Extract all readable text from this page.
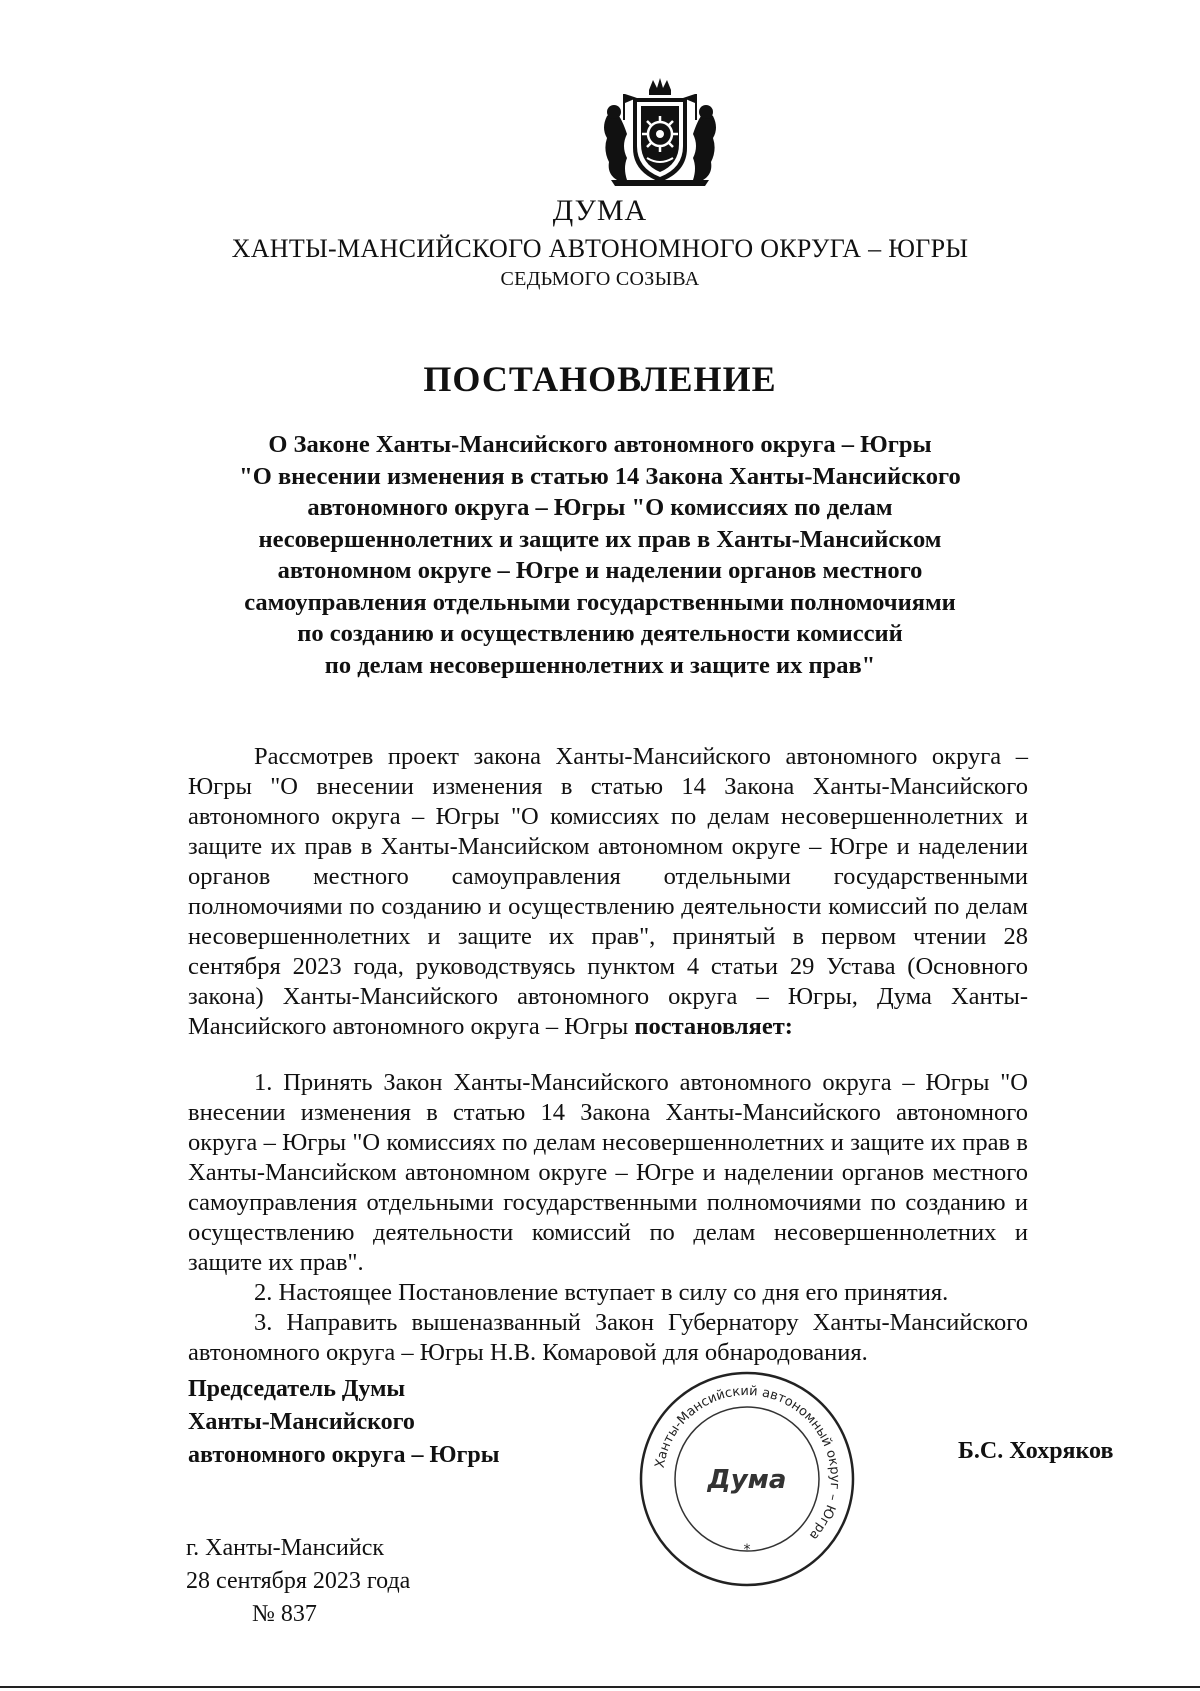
ДУМА
ХАНТЫ-МАНСИЙСКОГО АВТОНОМНОГО ОКРУГА – ЮГРЫ
СЕДЬМОГО СОЗЫВА
ПОСТАНОВЛЕНИЕ
О Законе Ханты-Мансийского автономного округа – Югры
"О внесении изменения в статью 14 Закона Ханты-Мансийского
автономного округа – Югры "О комиссиях по делам
несовершеннолетних и защите их прав в Ханты-Мансийском
автономном округе – Югре и наделении органов местного
самоуправления отдельными государственными полномочиями
по созданию и осуществлению деятельности комиссий
по делам несовершеннолетних и защите их прав"

Рассмотрев проект закона Ханты-Мансийского автономного округа – Югры "О внесении изменения в статью 14 Закона Ханты-Мансийского автономного округа – Югры "О комиссиях по делам несовершеннолетних и защите их прав в Ханты-Мансийском автономном округе – Югре и наделении органов местного самоуправления отдельными государственными полномочиями по созданию и осуществлению деятельности комиссий по делам несовершеннолетних и защите их прав", принятый в первом чтении 28 сентября 2023 года, руководствуясь пунктом 4 статьи 29 Устава (Основного закона) Ханты-Мансийского автономного округа – Югры, Дума Ханты-Мансийского автономного округа – Югры постановляет:

1. Принять Закон Ханты-Мансийского автономного округа – Югры "О внесении изменения в статью 14 Закона Ханты-Мансийского автономного округа – Югры "О комиссиях по делам несовершеннолетних и защите их прав в Ханты-Мансийском автономном округе – Югре и наделении органов местного самоуправления отдельными государственными полномочиями по созданию и осуществлению деятельности комиссий по делам несовершеннолетних и защите их прав".

2. Настоящее Постановление вступает в силу со дня его принятия.

3. Направить вышеназванный Закон Губернатору Ханты-Мансийского автономного округа – Югры Н.В. Комаровой для обнародования.

Председатель Думы
Ханты-Мансийского
автономного округа – Югры	Б.С. Хохряков
Ханты-Мансийский автономный округ – Югра
Дума
*
г. Ханты-Мансийск
28 сентября 2023 года
№ 837
